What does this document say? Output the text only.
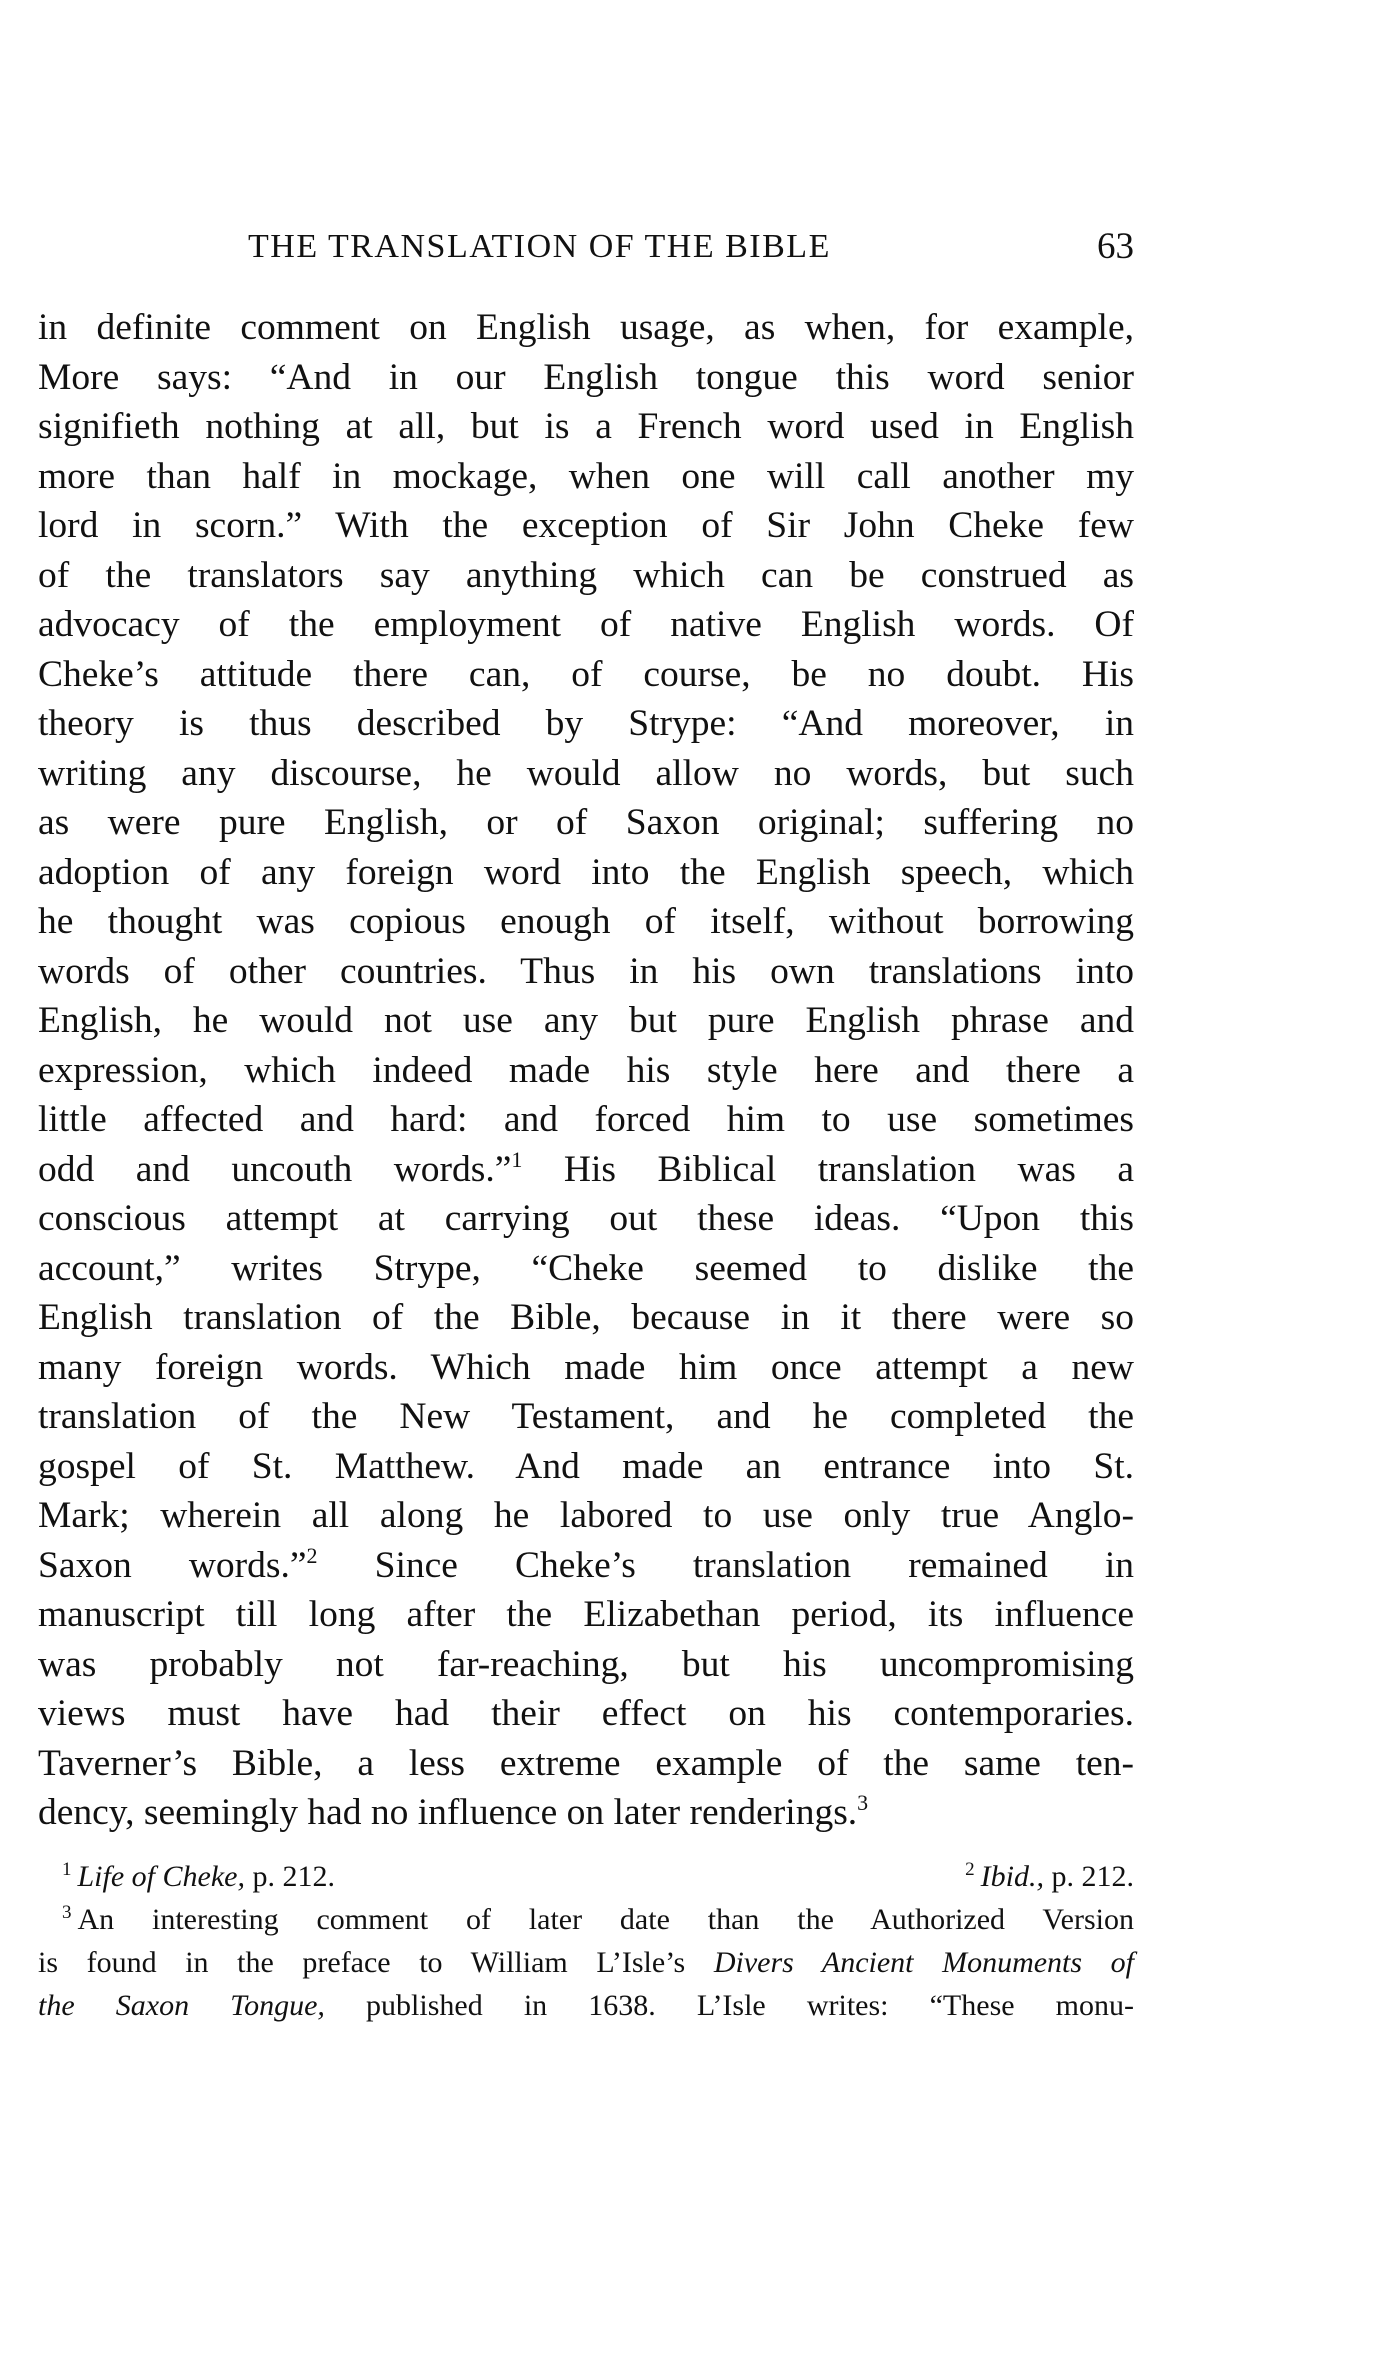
THE TRANSLATION OF THE BIBLE	63
in definite comment on English usage, as when, for example,
More says: “And in our English tongue this word senior
signifieth nothing at all, but is a French word used in English
more than half in mockage, when one will call another my
lord in scorn.” With the exception of Sir John Cheke few
of the translators say anything which can be construed as
advocacy of the employment of native English words. Of
Cheke’s attitude there can, of course, be no doubt. His
theory is thus described by Strype: “And moreover, in
writing any discourse, he would allow no words, but such
as were pure English, or of Saxon original; suffering no
adoption of any foreign word into the English speech, which
he thought was copious enough of itself, without borrowing
words of other countries. Thus in his own translations into
English, he would not use any but pure English phrase and
expression, which indeed made his style here and there a
little affected and hard: and forced him to use sometimes
odd and uncouth words.”$^1$ His Biblical translation was a
conscious attempt at carrying out these ideas. “Upon this
account,” writes Strype, “Cheke seemed to dislike the
English translation of the Bible, because in it there were so
many foreign words. Which made him once attempt a new
translation of the New Testament, and he completed the
gospel of St. Matthew. And made an entrance into St.
Mark; wherein all along he labored to use only true Anglo-
Saxon words.”$^2$ Since Cheke’s translation remained in
manuscript till long after the Elizabethan period, its influence
was probably not far-reaching, but his uncompromising
views must have had their effect on his contemporaries.
Taverner’s Bible, a less extreme example of the same ten-
dency, seemingly had no influence on later renderings.$^3$
$^1$ Life of Cheke, p. 212.	$^2$ Ibid., p. 212.
$^3$ An interesting comment of later date than the Authorized Version
is found in the preface to William L’Isle’s Divers Ancient Monuments of
the Saxon Tongue, published in 1638. L’Isle writes: “These monu-
